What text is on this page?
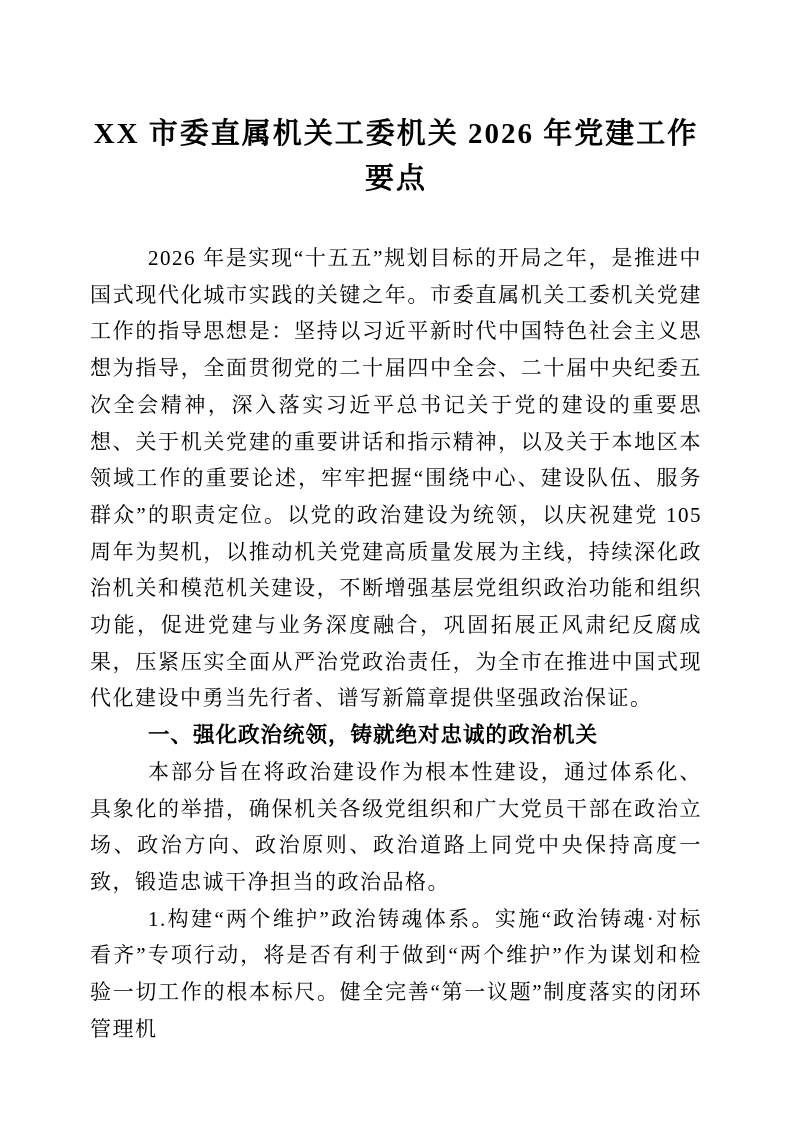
XX 市委直属机关工委机关 2026 年党建工作要点

2026 年是实现“十五五”规划目标的开局之年，是推进中国式现代化城市实践的关键之年。市委直属机关工委机关党建工作的指导思想是：坚持以习近平新时代中国特色社会主义思想为指导，全面贯彻党的二十届四中全会、二十届中央纪委五次全会精神，深入落实习近平总书记关于党的建设的重要思想、关于机关党建的重要讲话和指示精神，以及关于本地区本领域工作的重要论述，牢牢把握“围绕中心、建设队伍、服务群众”的职责定位。以党的政治建设为统领，以庆祝建党 105 周年为契机，以推动机关党建高质量发展为主线，持续深化政治机关和模范机关建设，不断增强基层党组织政治功能和组织功能，促进党建与业务深度融合，巩固拓展正风肃纪反腐成果，压紧压实全面从严治党政治责任，为全市在推进中国式现代化建设中勇当先行者、谱写新篇章提供坚强政治保证。

一、强化政治统领，铸就绝对忠诚的政治机关

本部分旨在将政治建设作为根本性建设，通过体系化、具象化的举措，确保机关各级党组织和广大党员干部在政治立场、政治方向、政治原则、政治道路上同党中央保持高度一致，锻造忠诚干净担当的政治品格。

1.构建“两个维护”政治铸魂体系。实施“政治铸魂·对标看齐”专项行动，将是否有利于做到“两个维护”作为谋划和检验一切工作的根本标尺。健全完善“第一议题”制度落实的闭环管理机
